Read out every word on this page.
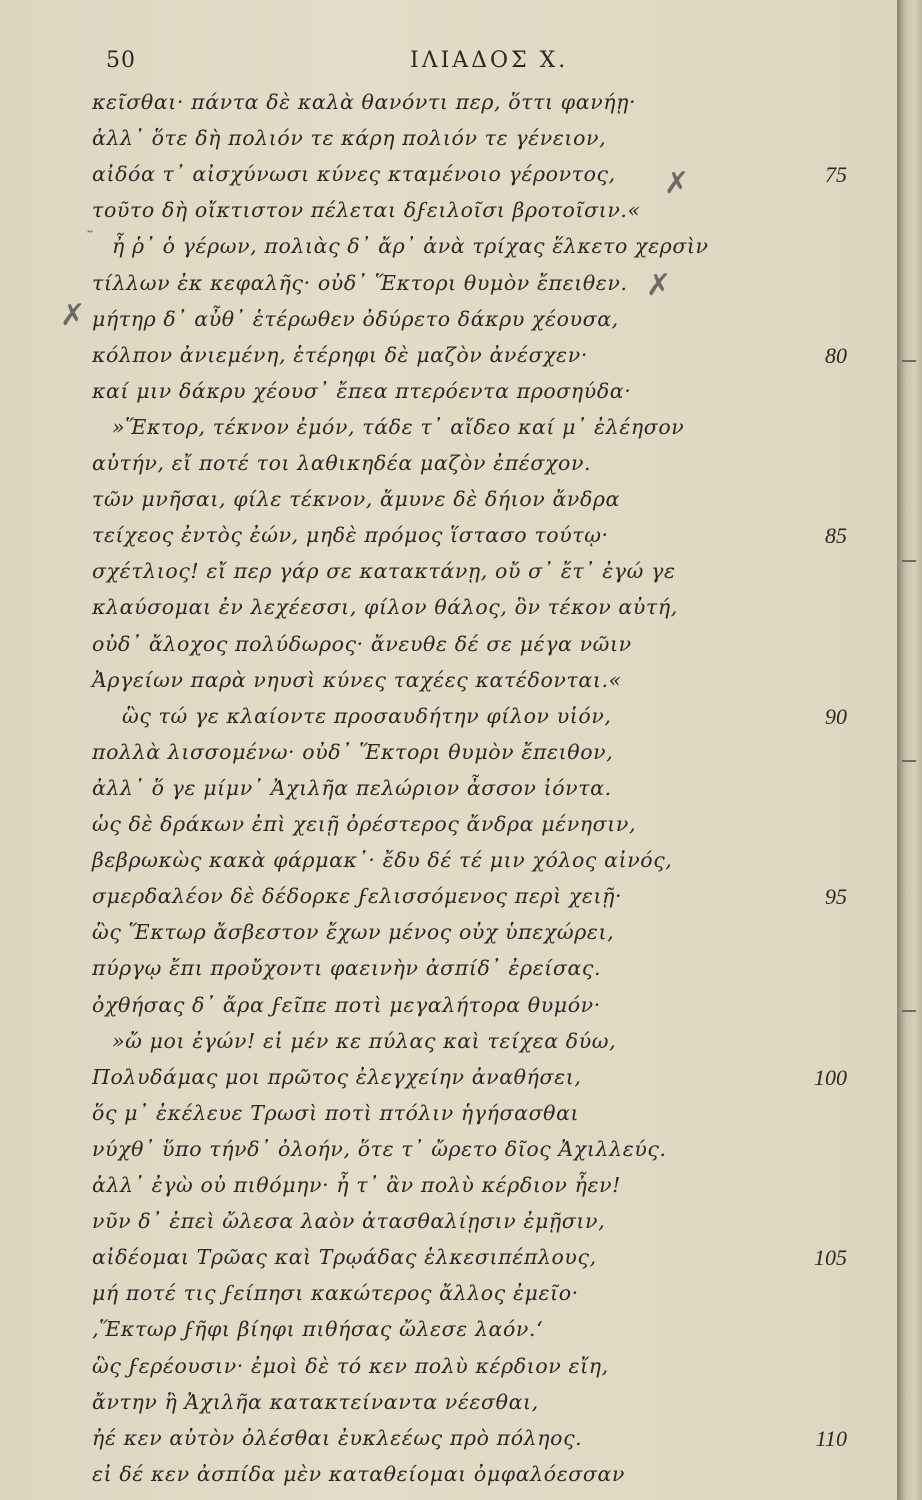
50	ΙΛΙΑΔΟΣ Χ.
κεῖσθαι· πάντα δὲ καλὰ θανόντι περ, ὅττι φανήῃ·
ἀλλ᾽ ὅτε δὴ πολιόν τε κάρη πολιόν τε γένειον,
αἰδόα τ᾽ αἰσχύνωσι κύνες κταμένοιο γέροντος,	75
τοῦτο δὴ οἴκτιστον πέλεται δϝειλοῖσι βροτοῖσιν.«
ἦ ῥ᾽ ὁ γέρων, πολιὰς δ᾽ ἄρ᾽ ἀνὰ τρίχας ἕλκετο χερσὶν
τίλλων ἐκ κεφαλῆς· οὐδ᾽ Ἕκτορι θυμὸν ἔπειθεν.
μήτηρ δ᾽ αὖθ᾽ ἑτέρωθεν ὀδύρετο δάκρυ χέουσα,
κόλπον ἀνιεμένη, ἑτέρηφι δὲ μαζὸν ἀνέσχεν·	80
καί μιν δάκρυ χέουσ᾽ ἔπεα πτερόεντα προσηύδα·
»Ἕκτορ, τέκνον ἐμόν, τάδε τ᾽ αἴδεο καί μ᾽ ἐλέησον
αὐτήν, εἴ ποτέ τοι λαθικηδέα μαζὸν ἐπέσχον.
τῶν μνῆσαι, φίλε τέκνον, ἄμυνε δὲ δήιον ἄνδρα
τείχεος ἐντὸς ἐών, μηδὲ πρόμος ἵστασο τούτῳ·	85
σχέτλιος! εἴ περ γάρ σε κατακτάνῃ, οὔ σ᾽ ἔτ᾽ ἐγώ γε
κλαύσομαι ἐν λεχέεσσι, φίλον θάλος, ὃν τέκον αὐτή,
οὐδ᾽ ἄλοχος πολύδωρος· ἄνευθε δέ σε μέγα νῶιν
Ἀργείων παρὰ νηυσὶ κύνες ταχέες κατέδονται.«
ὣς τώ γε κλαίοντε προσαυδήτην φίλον υἱόν,	90
πολλὰ λισσομένω· οὐδ᾽ Ἕκτορι θυμὸν ἔπειθον,
ἀλλ᾽ ὅ γε μίμν᾽ Ἀχιλῆα πελώριον ἆσσον ἰόντα.
ὡς δὲ δράκων ἐπὶ χειῇ ὀρέστερος ἄνδρα μένησιν,
βεβρωκὼς κακὰ φάρμακ᾽· ἔδυ δέ τέ μιν χόλος αἰνός,
σμερδαλέον δὲ δέδορκε ϝελισσόμενος περὶ χειῇ·	95
ὣς Ἕκτωρ ἄσβεστον ἔχων μένος οὐχ ὑπεχώρει,
πύργῳ ἔπι προὔχοντι φαεινὴν ἀσπίδ᾽ ἐρείσας.
ὀχθήσας δ᾽ ἄρα ϝεῖπε ποτὶ μεγαλήτορα θυμόν·
»ὤ μοι ἐγών! εἰ μέν κε πύλας καὶ τείχεα δύω,
Πολυδάμας μοι πρῶτος ἐλεγχείην ἀναθήσει,	100
ὅς μ᾽ ἐκέλευε Τρωσὶ ποτὶ πτόλιν ἡγήσασθαι
νύχθ᾽ ὕπο τήνδ᾽ ὀλοήν, ὅτε τ᾽ ὤρετο δῖος Ἀχιλλεύς.
ἀλλ᾽ ἐγὼ οὐ πιθόμην· ἦ τ᾽ ἂν πολὺ κέρδιον ἦεν!
νῦν δ᾽ ἐπεὶ ὤλεσα λαὸν ἀτασθαλίῃσιν ἐμῇσιν,
αἰδέομαι Τρῶας καὶ Τρῳάδας ἑλκεσιπέπλους,	105
μή ποτέ τις ϝείπησι κακώτερος ἄλλος ἐμεῖο·
‚Ἕκτωρ ϝῆφι βίηφι πιθήσας ὤλεσε λαόν.‘
ὣς ϝερέουσιν· ἐμοὶ δὲ τό κεν πολὺ κέρδιον εἴη,
ἄντην ἢ Ἀχιλῆα κατακτείναντα νέεσθαι,
ἠέ κεν αὐτὸν ὀλέσθαι ἐυκλεέως πρὸ πόληος.	110
εἰ δέ κεν ἀσπίδα μὲν καταθείομαι ὀμφαλόεσσαν
✗
✗
✗
˜
